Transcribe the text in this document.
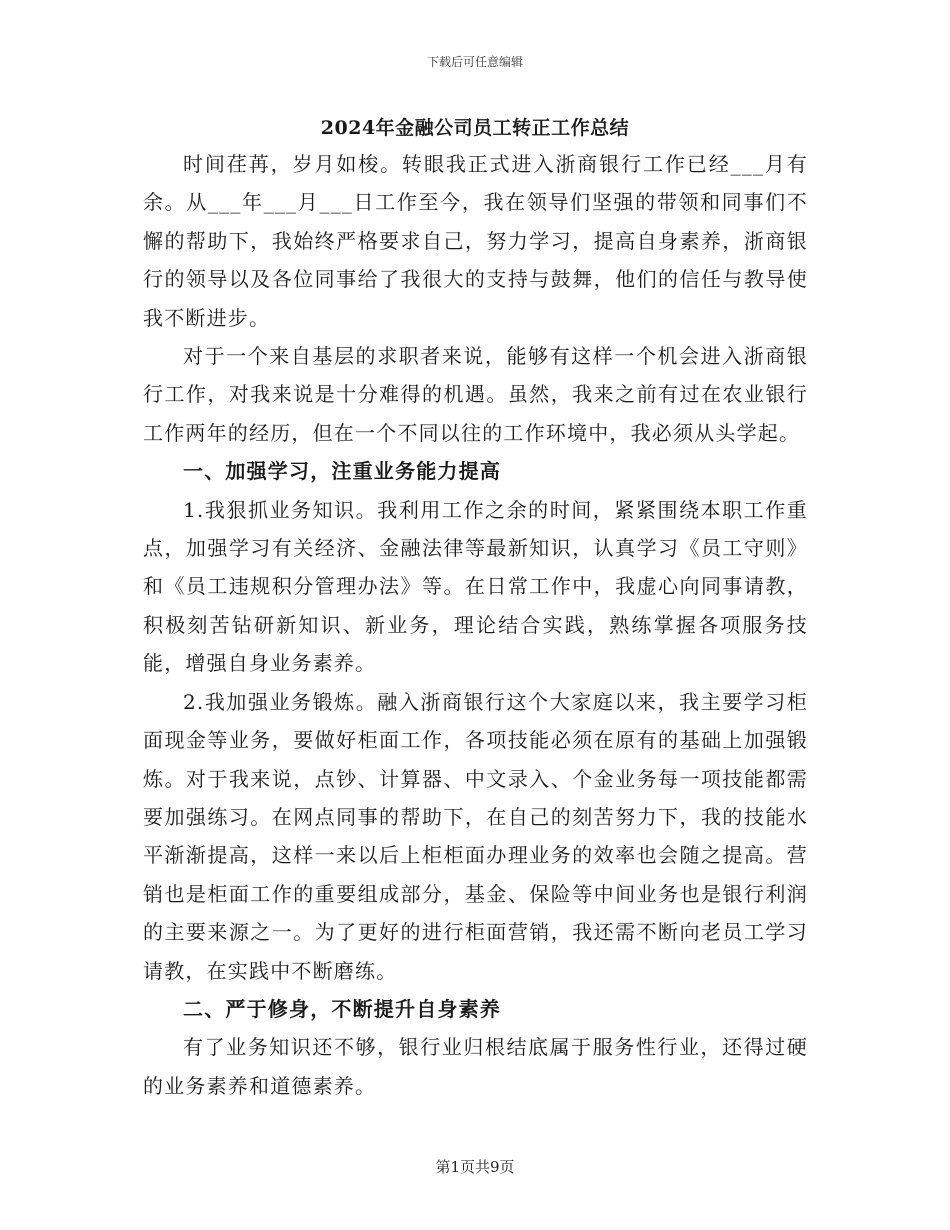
下载后可任意编辑
2024年金融公司员工转正工作总结

时间荏苒，岁月如梭。转眼我正式进入浙商银行工作已经___月有余。从___年___月___日工作至今，我在领导们坚强的带领和同事们不懈的帮助下，我始终严格要求自己，努力学习，提高自身素养，浙商银行的领导以及各位同事给了我很大的支持与鼓舞，他们的信任与教导使我不断进步。

对于一个来自基层的求职者来说，能够有这样一个机会进入浙商银行工作，对我来说是十分难得的机遇。虽然，我来之前有过在农业银行工作两年的经历，但在一个不同以往的工作环境中，我必须从头学起。

一、加强学习，注重业务能力提高

1.我狠抓业务知识。我利用工作之余的时间，紧紧围绕本职工作重点，加强学习有关经济、金融法律等最新知识，认真学习《员工守则》和《员工违规积分管理办法》等。在日常工作中，我虚心向同事请教，积极刻苦钻研新知识、新业务，理论结合实践，熟练掌握各项服务技能，增强自身业务素养。

2.我加强业务锻炼。融入浙商银行这个大家庭以来，我主要学习柜面现金等业务，要做好柜面工作，各项技能必须在原有的基础上加强锻炼。对于我来说，点钞、计算器、中文录入、个金业务每一项技能都需要加强练习。在网点同事的帮助下，在自己的刻苦努力下，我的技能水平渐渐提高，这样一来以后上柜柜面办理业务的效率也会随之提高。营销也是柜面工作的重要组成部分，基金、保险等中间业务也是银行利润的主要来源之一。为了更好的进行柜面营销，我还需不断向老员工学习请教，在实践中不断磨练。

二、严于修身，不断提升自身素养

有了业务知识还不够，银行业归根结底属于服务性行业，还得过硬的业务素养和道德素养。

第1页共9页
